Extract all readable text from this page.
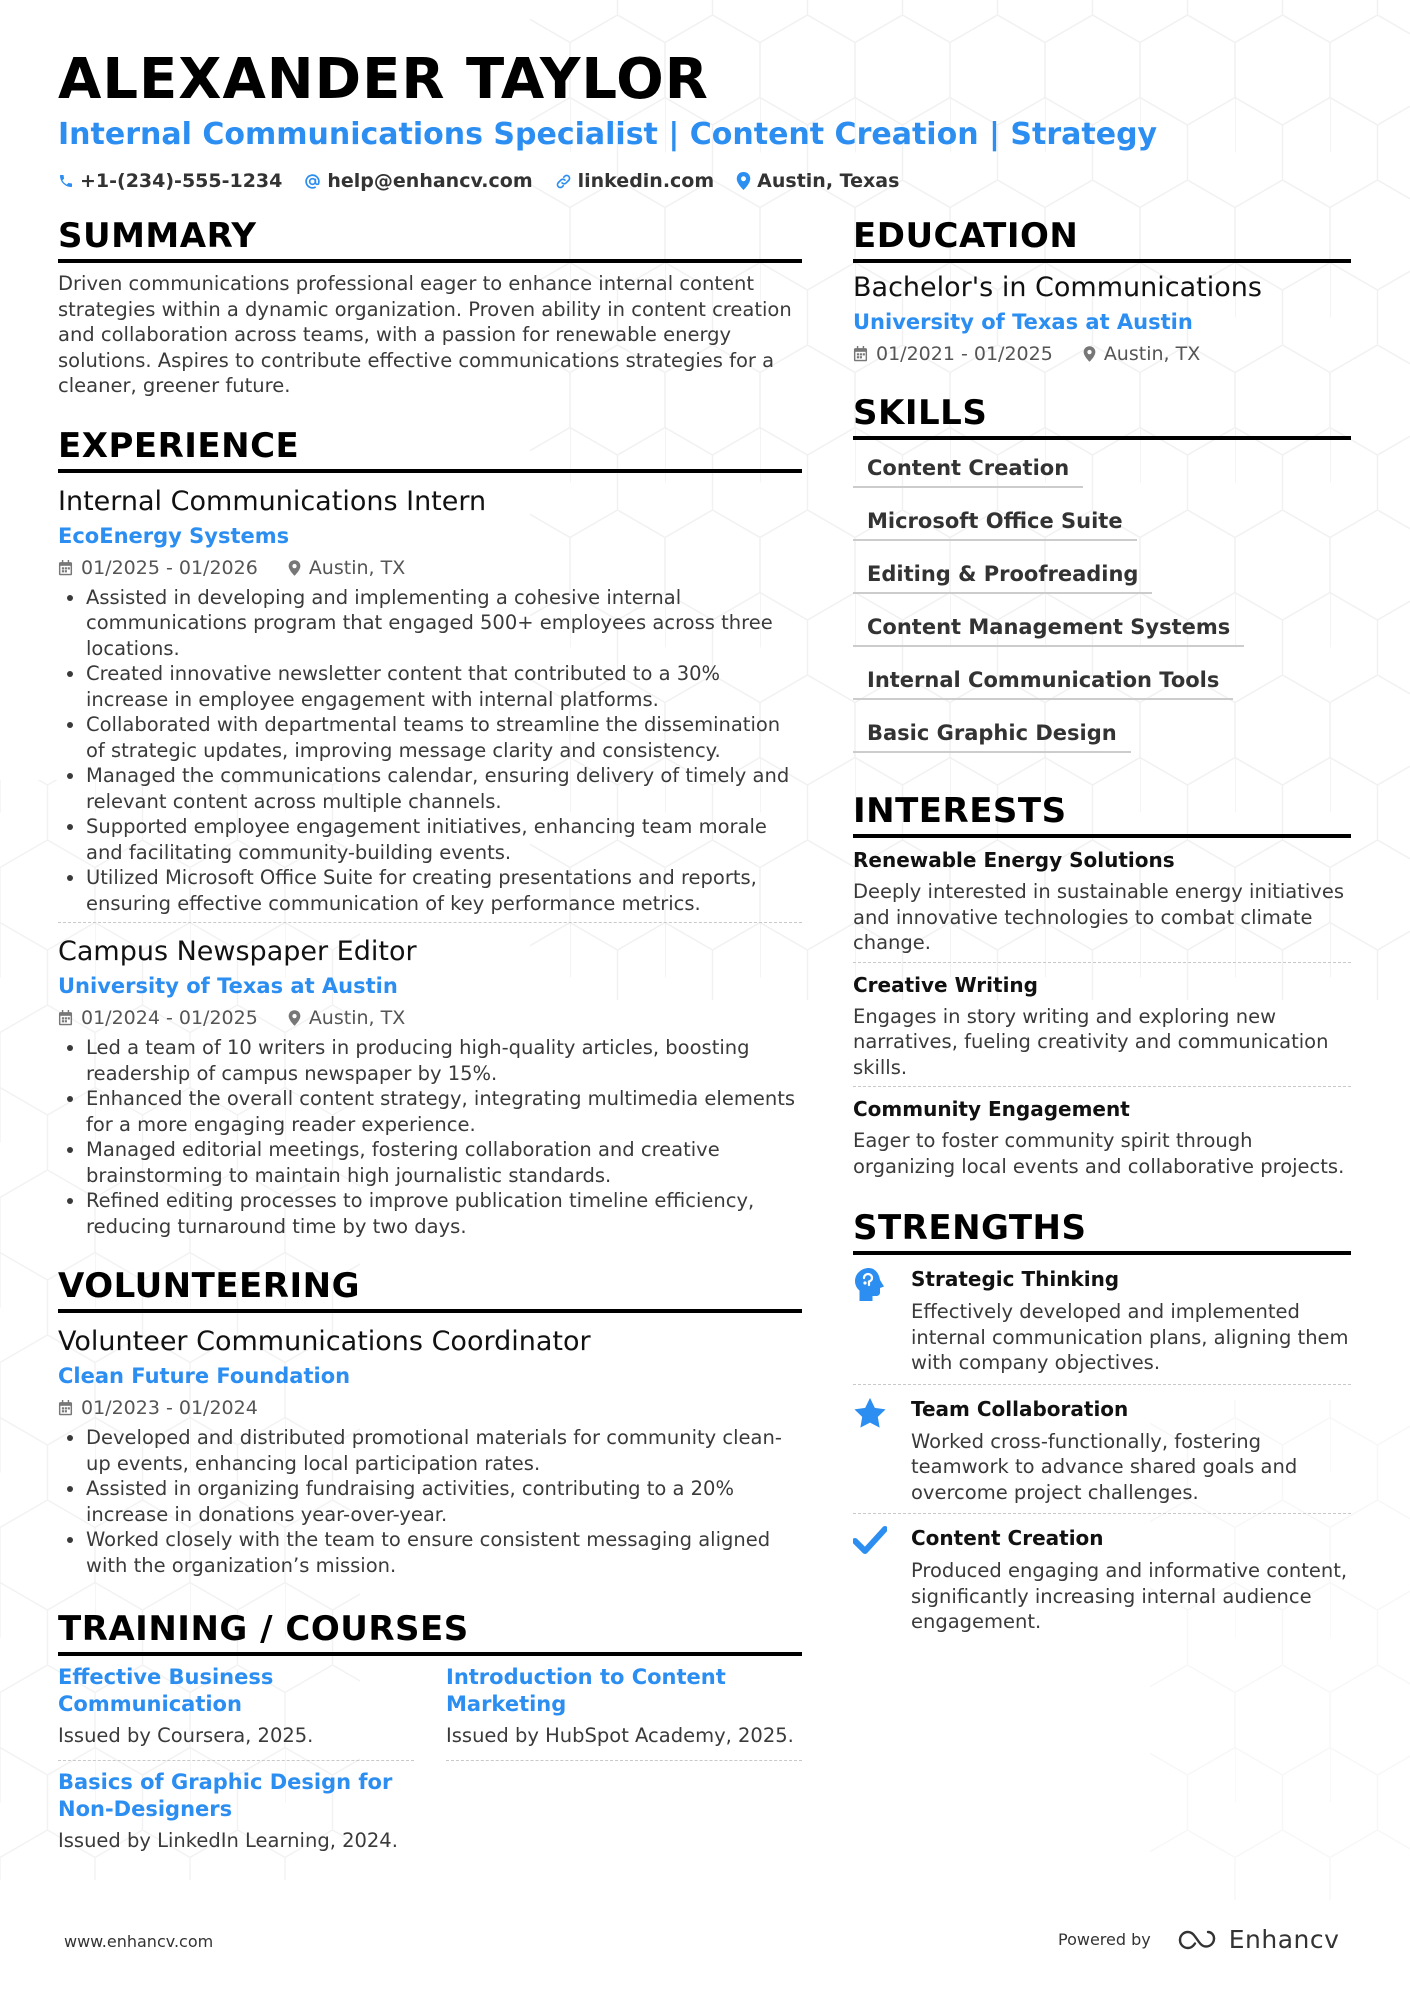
ALEXANDER TAYLOR
Internal Communications Specialist | Content Creation | Strategy
+1-(234)-555-1234 help@enhancv.com linkedin.com Austin, Texas
SUMMARY
Driven communications professional eager to enhance internal content strategies within a dynamic organization. Proven ability in content creation and collaboration across teams, with a passion for renewable energy solutions. Aspires to contribute effective communications strategies for a cleaner, greener future.
EXPERIENCE
Internal Communications Intern
EcoEnergy Systems
01/2025 - 01/2026	Austin, TX
• Assisted in developing and implementing a cohesive internal communications program that engaged 500+ employees across three locations.
• Created innovative newsletter content that contributed to a 30% increase in employee engagement with internal platforms.
• Collaborated with departmental teams to streamline the dissemination of strategic updates, improving message clarity and consistency.
• Managed the communications calendar, ensuring delivery of timely and relevant content across multiple channels.
• Supported employee engagement initiatives, enhancing team morale and facilitating community-building events.
• Utilized Microsoft Office Suite for creating presentations and reports, ensuring effective communication of key performance metrics.
Campus Newspaper Editor
University of Texas at Austin
01/2024 - 01/2025	Austin, TX
• Led a team of 10 writers in producing high-quality articles, boosting readership of campus newspaper by 15%.
• Enhanced the overall content strategy, integrating multimedia elements for a more engaging reader experience.
• Managed editorial meetings, fostering collaboration and creative brainstorming to maintain high journalistic standards.
• Refined editing processes to improve publication timeline efficiency, reducing turnaround time by two days.
VOLUNTEERING
Volunteer Communications Coordinator
Clean Future Foundation
01/2023 - 01/2024
• Developed and distributed promotional materials for community clean-up events, enhancing local participation rates.
• Assisted in organizing fundraising activities, contributing to a 20% increase in donations year-over-year.
• Worked closely with the team to ensure consistent messaging aligned with the organization’s mission.
TRAINING / COURSES
Effective Business Communication
Issued by Coursera, 2025.
Introduction to Content Marketing
Issued by HubSpot Academy, 2025.
Basics of Graphic Design for Non-Designers
Issued by LinkedIn Learning, 2024.
EDUCATION
Bachelor's in Communications
University of Texas at Austin
01/2021 - 01/2025	Austin, TX
SKILLS
Content Creation
Microsoft Office Suite
Editing & Proofreading
Content Management Systems
Internal Communication Tools
Basic Graphic Design
INTERESTS
Renewable Energy Solutions
Deeply interested in sustainable energy initiatives and innovative technologies to combat climate change.
Creative Writing
Engages in story writing and exploring new narratives, fueling creativity and communication skills.
Community Engagement
Eager to foster community spirit through organizing local events and collaborative projects.
STRENGTHS
Strategic Thinking
Effectively developed and implemented internal communication plans, aligning them with company objectives.
Team Collaboration
Worked cross-functionally, fostering teamwork to advance shared goals and overcome project challenges.
Content Creation
Produced engaging and informative content, significantly increasing internal audience engagement.
www.enhancv.com	Powered by	Enhancv
